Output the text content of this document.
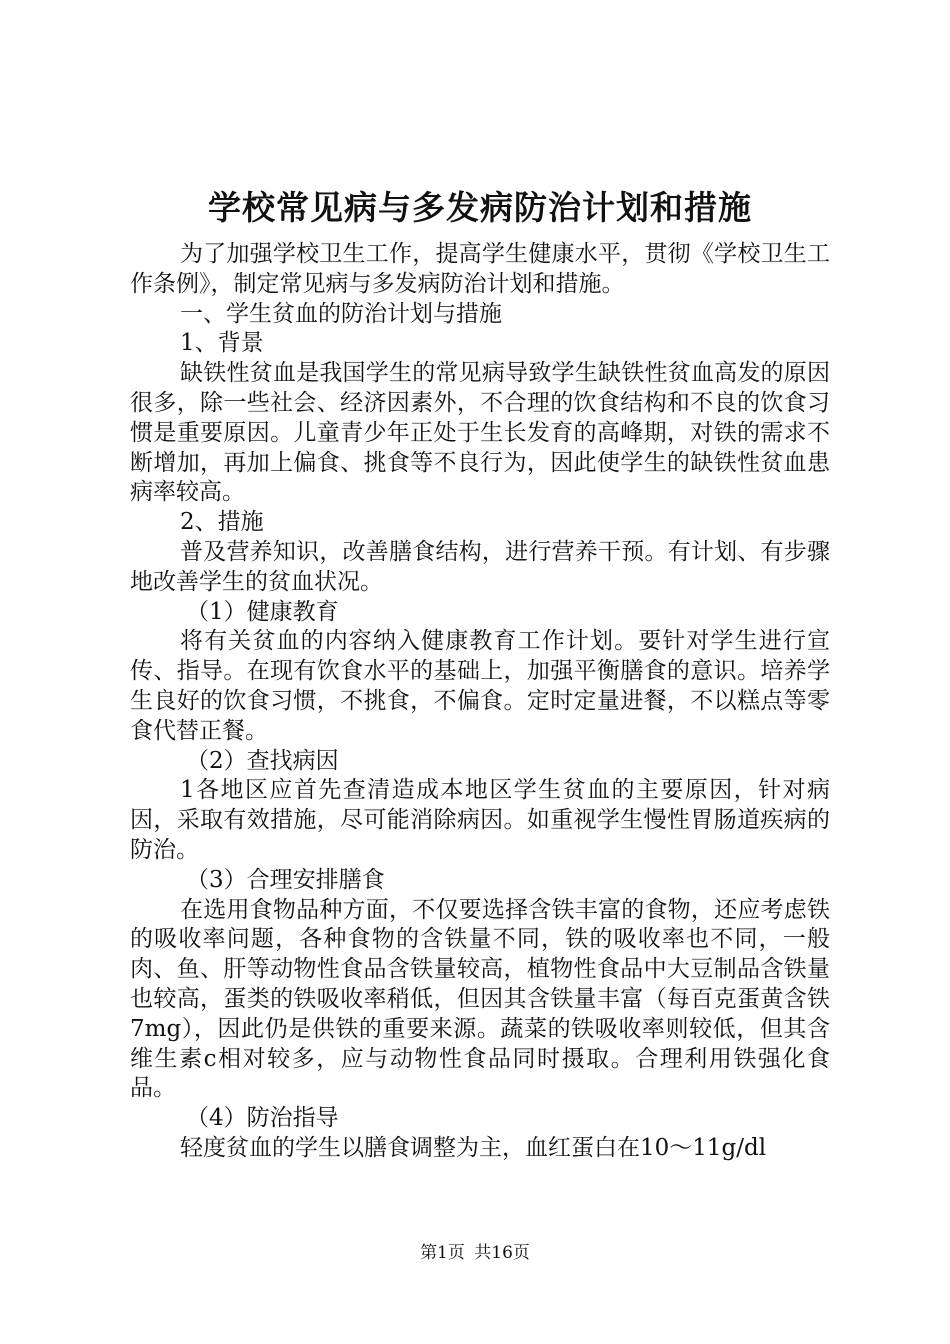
学校常见病与多发病防治计划和措施

为了加强学校卫生工作，提高学生健康水平，贯彻《学校卫生工作条例》，制定常见病与多发病防治计划和措施。

一、学生贫血的防治计划与措施

1、背景

缺铁性贫血是我国学生的常见病导致学生缺铁性贫血高发的原因很多，除一些社会、经济因素外，不合理的饮食结构和不良的饮食习惯是重要原因。儿童青少年正处于生长发育的高峰期，对铁的需求不断增加，再加上偏食、挑食等不良行为，因此使学生的缺铁性贫血患病率较高。

2、措施

普及营养知识，改善膳食结构，进行营养干预。有计划、有步骤地改善学生的贫血状况。

（1）健康教育

将有关贫血的内容纳入健康教育工作计划。要针对学生进行宣传、指导。在现有饮食水平的基础上，加强平衡膳食的意识。培养学生良好的饮食习惯，不挑食，不偏食。定时定量进餐，不以糕点等零食代替正餐。

（2）查找病因

1各地区应首先查清造成本地区学生贫血的主要原因，针对病因，采取有效措施，尽可能消除病因。如重视学生慢性胃肠道疾病的防治。

（3）合理安排膳食

在选用食物品种方面，不仅要选择含铁丰富的食物，还应考虑铁的吸收率问题，各种食物的含铁量不同，铁的吸收率也不同，一般肉、鱼、肝等动物性食品含铁量较高，植物性食品中大豆制品含铁量也较高，蛋类的铁吸收率稍低，但因其含铁量丰富（每百克蛋黄含铁7mg），因此仍是供铁的重要来源。蔬菜的铁吸收率则较低，但其含维生素c相对较多，应与动物性食品同时摄取。合理利用铁强化食品。

（4）防治指导

轻度贫血的学生以膳食调整为主，血红蛋白在10～11g/dl

第1页 共16页
